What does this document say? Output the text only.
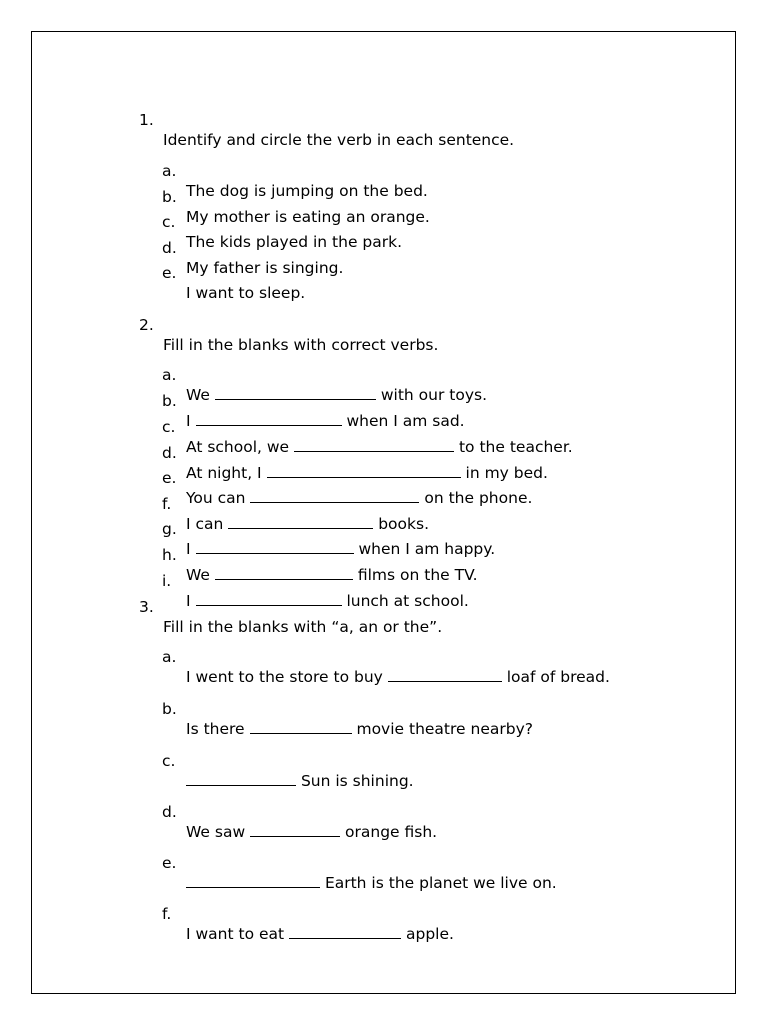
1.

Identify and circle the verb in each sentence.

a.

The dog is jumping on the bed.

b.

My mother is eating an orange.

c.

The kids played in the park.

d.

My father is singing.

e.

I want to sleep.

2.

Fill in the blanks with correct verbs.

a.

We	with our toys.

b.

I	when I am sad.

c.

At school, we	to the teacher.

d.

At night, I	in my bed.

e.

You can	on the phone.

f.

I can	books.

g.

I	when I am happy.

h.

We	films on the TV.

i.

I	lunch at school.

3.

Fill in the blanks with “a, an or the”.

a.

I went to the store to buy	loaf of bread.

b.

Is there	movie theatre nearby?

c.

Sun is shining.

d.

We saw	orange fish.

e.

Earth is the planet we live on.

f.

I want to eat	apple.
